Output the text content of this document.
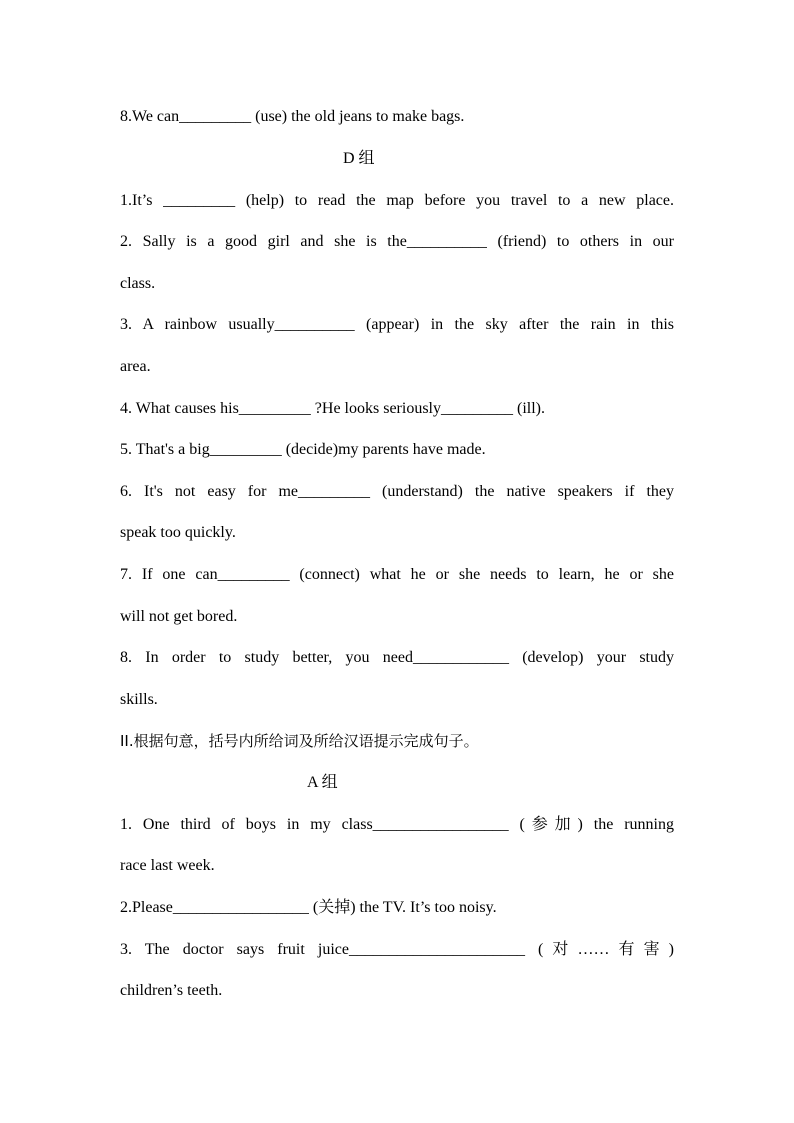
8.We can_________ (use) the old jeans to make bags.
D 组
1.It’s _________ (help) to read the map before you travel to a new place.
2. Sally is a good girl and she is the__________ (friend) to others in our
class.
3. A rainbow usually__________ (appear) in the sky after the rain in this
area.
4. What causes his_________ ?He looks seriously_________ (ill).
5. That's a big_________ (decide)my parents have made.
6. It's not easy for me_________ (understand) the native speakers if they
speak too quickly.
7. If one can_________ (connect) what he or she needs to learn, he or she
will not get bored.
8. In order to study better, you need____________ (develop) your study
skills.
II.根据句意，括号内所给词及所给汉语提示完成句子。
A 组
1. One third of boys in my class_________________ (参加) the running
race last week.
2.Please_________________ (关掉) the TV. It’s too noisy.
3. The doctor says fruit juice______________________ (对……有害)
children’s teeth.
